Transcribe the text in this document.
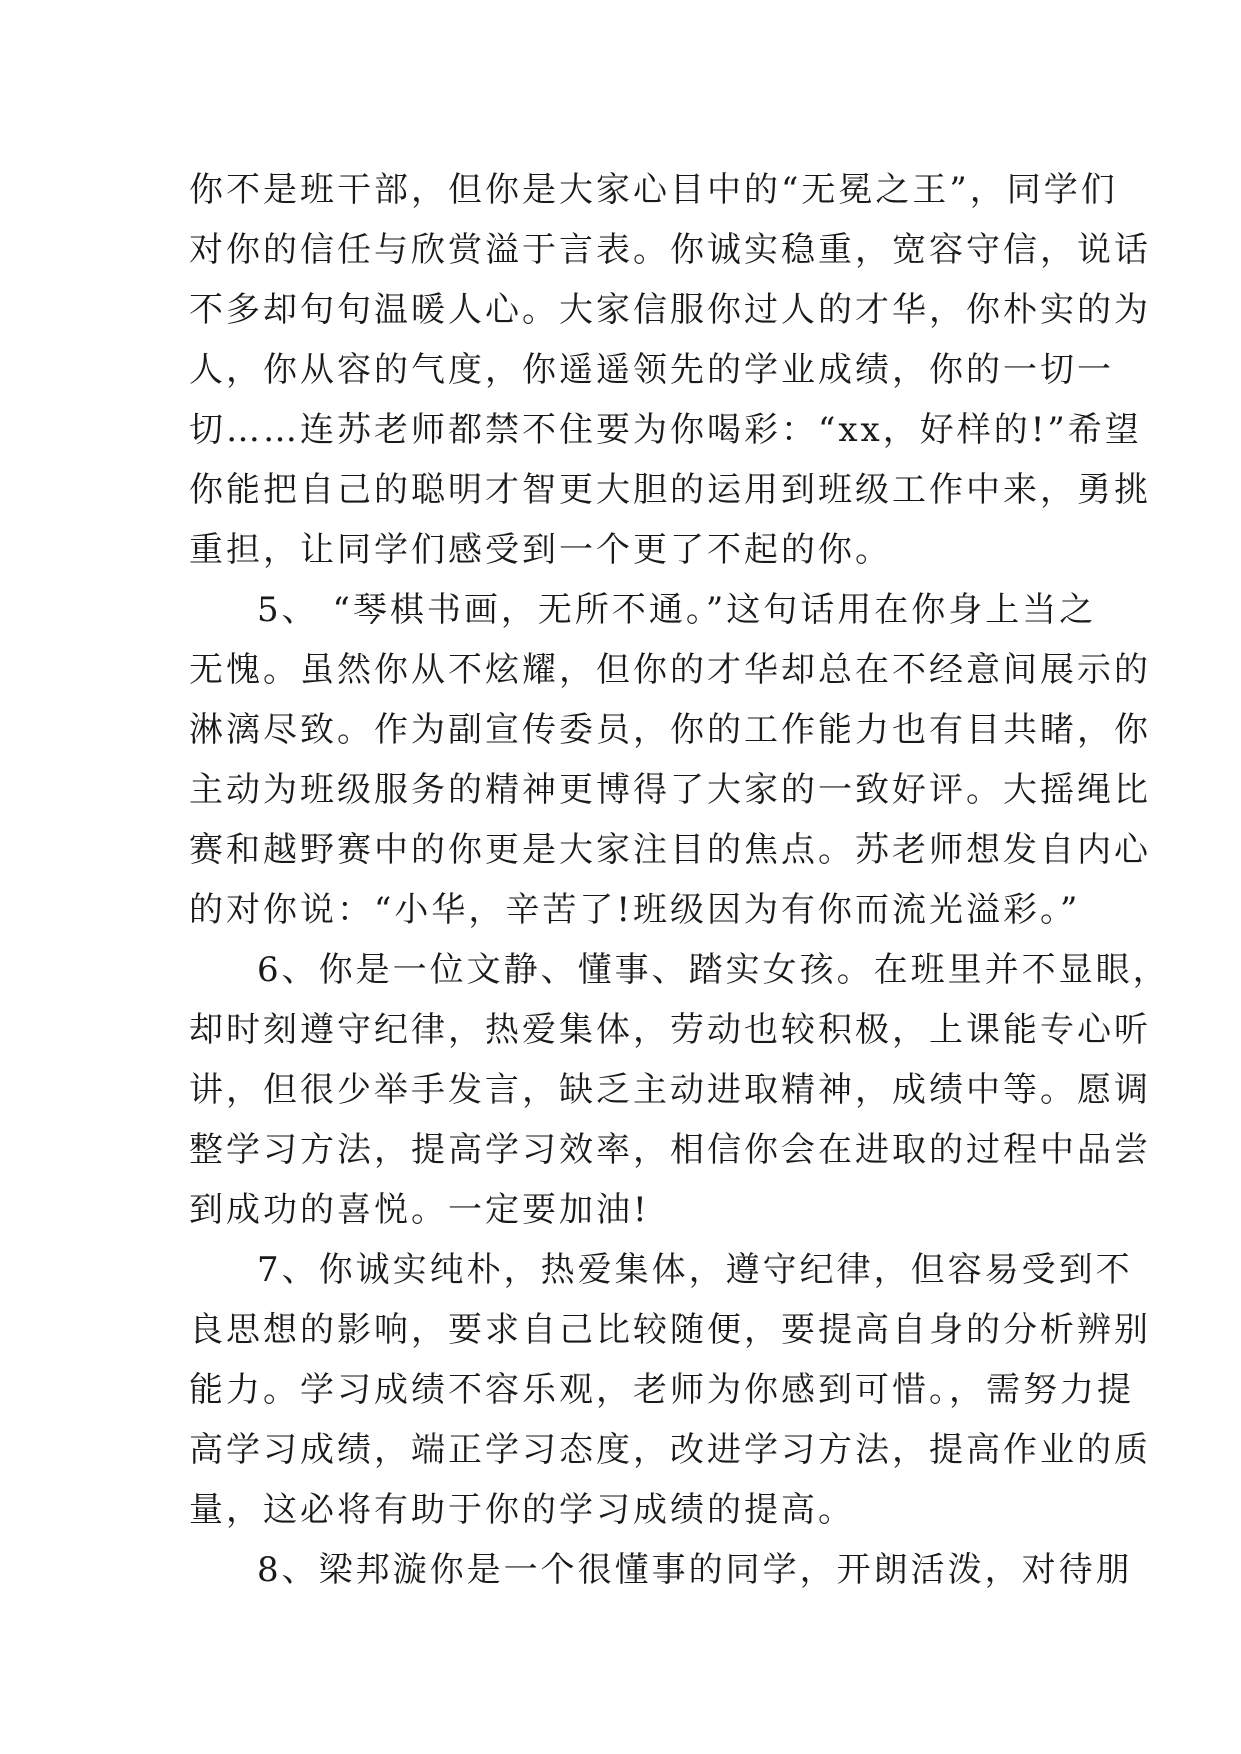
你不是班干部，但你是大家心目中的“无冕之王”，同学们
对你的信任与欣赏溢于言表。你诚实稳重，宽容守信，说话
不多却句句温暖人心。大家信服你过人的才华，你朴实的为
人，你从容的气度，你遥遥领先的学业成绩，你的一切一
切……连苏老师都禁不住要为你喝彩：“xx，好样的!”希望
你能把自己的聪明才智更大胆的运用到班级工作中来，勇挑
重担，让同学们感受到一个更了不起的你。
5、 “琴棋书画，无所不通。”这句话用在你身上当之
无愧。虽然你从不炫耀，但你的才华却总在不经意间展示的
淋漓尽致。作为副宣传委员，你的工作能力也有目共睹，你
主动为班级服务的精神更博得了大家的一致好评。大摇绳比
赛和越野赛中的你更是大家注目的焦点。苏老师想发自内心
的对你说：“小华，辛苦了!班级因为有你而流光溢彩。”
6、你是一位文静、懂事、踏实女孩。在班里并不显眼，
却时刻遵守纪律，热爱集体，劳动也较积极，上课能专心听
讲，但很少举手发言，缺乏主动进取精神，成绩中等。愿调
整学习方法，提高学习效率，相信你会在进取的过程中品尝
到成功的喜悦。一定要加油!
7、你诚实纯朴，热爱集体，遵守纪律，但容易受到不
良思想的影响，要求自己比较随便，要提高自身的分析辨别
能力。学习成绩不容乐观，老师为你感到可惜。，需努力提
高学习成绩，端正学习态度，改进学习方法，提高作业的质
量，这必将有助于你的学习成绩的提高。
8、梁邦漩你是一个很懂事的同学，开朗活泼，对待朋
